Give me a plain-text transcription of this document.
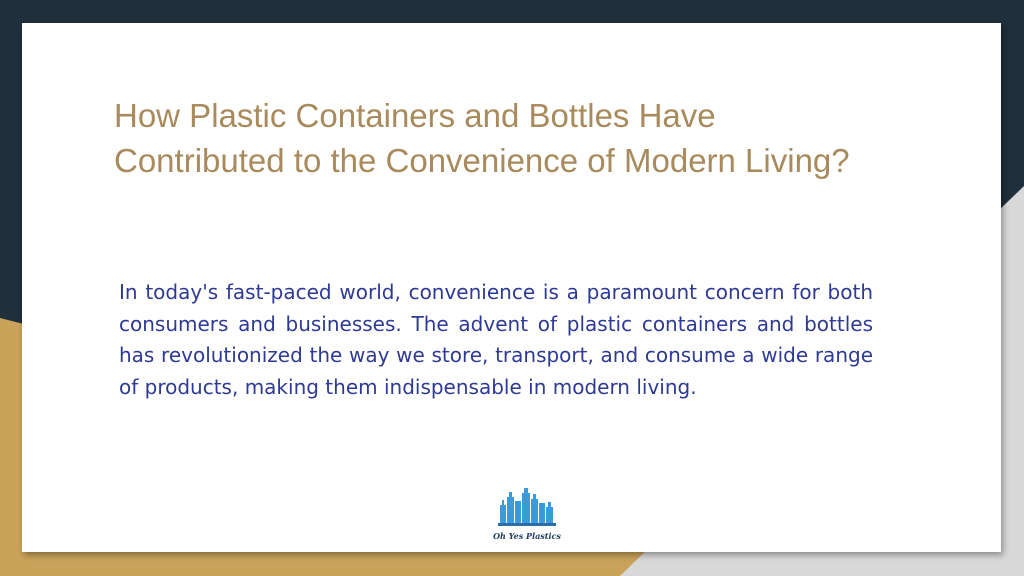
How Plastic Containers and Bottles Have Contributed to the Convenience of Modern Living?

In today's fast-paced world, convenience is a paramount concern for both consumers and businesses. The advent of plastic containers and bottles has revolutionized the way we store, transport, and consume a wide range of products, making them indispensable in modern living.

Oh Yes Plastics
